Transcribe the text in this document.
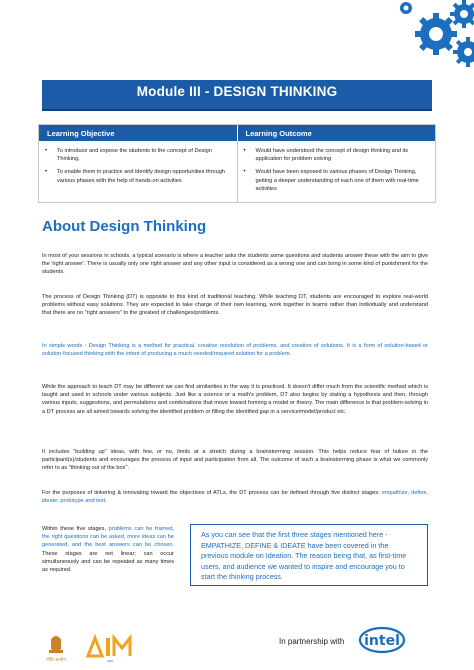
Module III - DESIGN THINKING
Learning Objective	Learning Outcome
•	To introduce and expose the students to the concept of Design Thinking,
•	To enable them to practice and identify design opportunities through various phases with the help of hands-on activities
•	Would have understood the concept of design thinking and its application for problem solving
•	Would have been exposed to various phases of Design Thinking, getting a deeper understanding of each one of them with real-time activities
About Design Thinking
In most of your sessions in schools, a typical scenario is where a teacher asks the students some questions and students answer these with the aim to give the 'right answer'. There is usually only one right answer and any other input is considered as a wrong one and can bring in some kind of punishment for the students.
The process of Design Thinking (DT) is opposite to this kind of traditional teaching. While teaching DT, students are encouraged to explore real-world problems without easy solutions. They are expected to take charge of their own learning, work together in teams rather than individually and understand that there are no "right answers" to the greatest of challenges/problems.
In simple words - Design Thinking is a method for practical, creative resolution of problems, and creation of solutions. It is a form of solution-based or solution-focused thinking with the intent of producing a much needed/required solution for a problem.
While the approach to teach DT may be different we can find similarities in the way it is practiced. It doesn't differ much from the scientific method which is taught and used in schools under various subjects. Just like a science or a math's problem, DT also begins by stating a hypothesis and then, through various inputs, suggestions, and permutations and combinations that move toward forming a model or theory. The main difference is that problem-solving in a DT process are all aimed towards solving the identified problem or filling the identified gap in a service/model/product etc.
It includes "building up" ideas, with few, or no, limits at a stretch during a brainstorming session. This helps reduce fear of failure in the participant(s)/students and encourages the process of input and participation from all. The outcome of such a brainstorming phase is what we commonly refer to as "thinking out of the box".
For the purposes of tinkering & innovating toward the objectives of ATLs, the DT process can be defined through five distinct stages: empathize, define, ideate, prototype and test.
Within these five stages, problems can be framed, the right questions can be asked, more ideas can be generated, and the best answers can be chosen. These stages are not linear; can occur simultaneously and can be repeated as many times as required.
As you can see that the first three stages mentioned here - EMPATHIZE, DEFINE & IDEATE have been covered in the previous module on Ideation. The reason being that, as first-time users, and audience we wanted to inspire and encourage you to start the thinking process.
नीति आयोग	AIM
In partnership with intel
